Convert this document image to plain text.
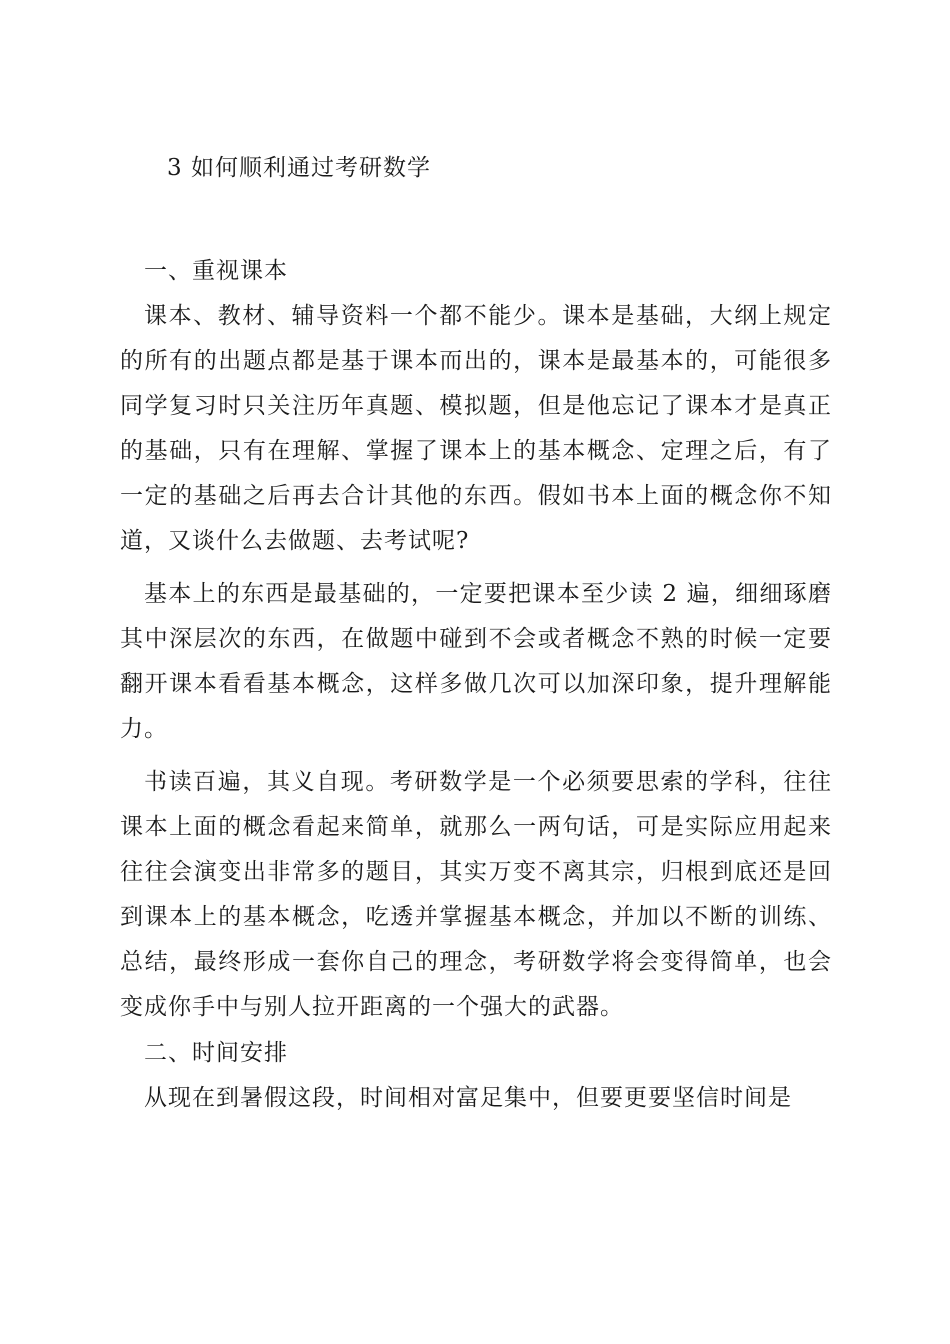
3 如何顺利通过考研数学
一、重视课本

课本、教材、辅导资料一个都不能少。课本是基础，大纲上规定的所有的出题点都是基于课本而出的，课本是最基本的，可能很多同学复习时只关注历年真题、模拟题，但是他忘记了课本才是真正的基础，只有在理解、掌握了课本上的基本概念、定理之后，有了一定的基础之后再去合计其他的东西。假如书本上面的概念你不知道，又谈什么去做题、去考试呢?

基本上的东西是最基础的，一定要把课本至少读 2 遍，细细琢磨其中深层次的东西，在做题中碰到不会或者概念不熟的时候一定要翻开课本看看基本概念，这样多做几次可以加深印象，提升理解能力。

书读百遍，其义自现。考研数学是一个必须要思索的学科，往往课本上面的概念看起来简单，就那么一两句话，可是实际应用起来往往会演变出非常多的题目，其实万变不离其宗，归根到底还是回到课本上的基本概念，吃透并掌握基本概念，并加以不断的训练、总结，最终形成一套你自己的理念，考研数学将会变得简单，也会变成你手中与别人拉开距离的一个强大的武器。

二、时间安排

从现在到暑假这段，时间相对富足集中，但要更要坚信时间是
